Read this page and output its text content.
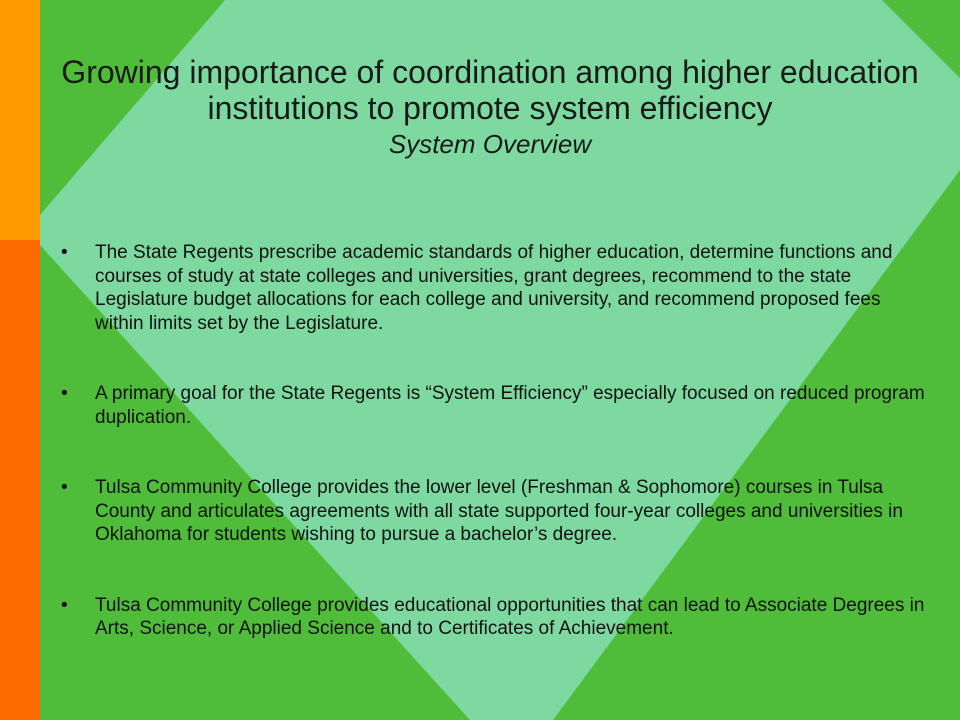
Growing importance of coordination among higher education institutions to promote system efficiency
System Overview
• The State Regents prescribe academic standards of higher education, determine functions and courses of study at state colleges and universities, grant degrees, recommend to the state Legislature budget allocations for each college and university, and recommend proposed fees within limits set by the Legislature.
• A primary goal for the State Regents is “System Efficiency” especially focused on reduced program duplication.
• Tulsa Community College provides the lower level (Freshman & Sophomore) courses in Tulsa County and articulates agreements with all state supported four-year colleges and universities in Oklahoma for students wishing to pursue a bachelor’s degree.
• Tulsa Community College provides educational opportunities that can lead to Associate Degrees in Arts, Science, or Applied Science and to Certificates of Achievement.
